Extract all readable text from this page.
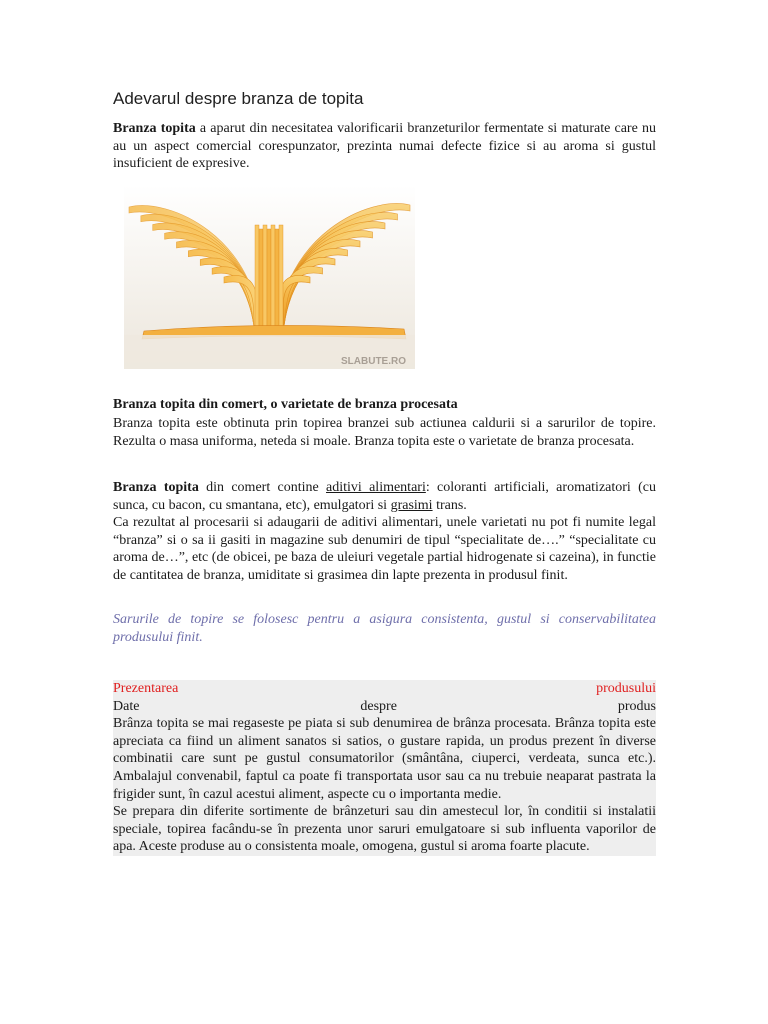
Adevarul despre branza de topita

Branza topita a aparut din necesitatea valorificarii branzeturilor fermentate si maturate care nu au un aspect comercial corespunzator, prezinta numai defecte fizice si au aroma si gustul insuficient de expresive.

SLABUTE.RO

Branza topita din comert, o varietate de branza procesata

Branza topita este obtinuta prin topirea branzei sub actiunea caldurii si a sarurilor de topire. Rezulta o masa uniforma, neteda si moale. Branza topita este o varietate de branza procesata.

Branza topita din comert contine aditivi alimentari: coloranti artificiali, aromatizatori (cu sunca, cu bacon, cu smantana, etc), emulgatori si grasimi trans.
Ca rezultat al procesarii si adaugarii de aditivi alimentari, unele varietati nu pot fi numite legal “branza” si o sa ii gasiti in magazine sub denumiri de tipul “specialitate de….” “specialitate cu aroma de…”, etc (de obicei, pe baza de uleiuri vegetale partial hidrogenate si cazeina), in functie de cantitatea de branza, umiditate si grasimea din lapte prezenta in produsul finit.

Sarurile de topire se folosesc pentru a asigura consistenta, gustul si conservabilitatea produsului finit.

Prezentarea produsului
Date despre produs
Brânza topita se mai regaseste pe piata si sub denumirea de brânza procesata. Brânza topita este apreciata ca fiind un aliment sanatos si satios, o gustare rapida, un produs prezent în diverse combinatii care sunt pe gustul consumatorilor (smântâna, ciuperci, verdeata, sunca etc.). Ambalajul convenabil, faptul ca poate fi transportata usor sau ca nu trebuie neaparat pastrata la frigider sunt, în cazul acestui aliment, aspecte cu o importanta medie.
Se prepara din diferite sortimente de brânzeturi sau din amestecul lor, în conditii si instalatii speciale, topirea facându-se în prezenta unor saruri emulgatoare si sub influenta vaporilor de apa. Aceste produse au o consistenta moale, omogena, gustul si aroma foarte placute.
